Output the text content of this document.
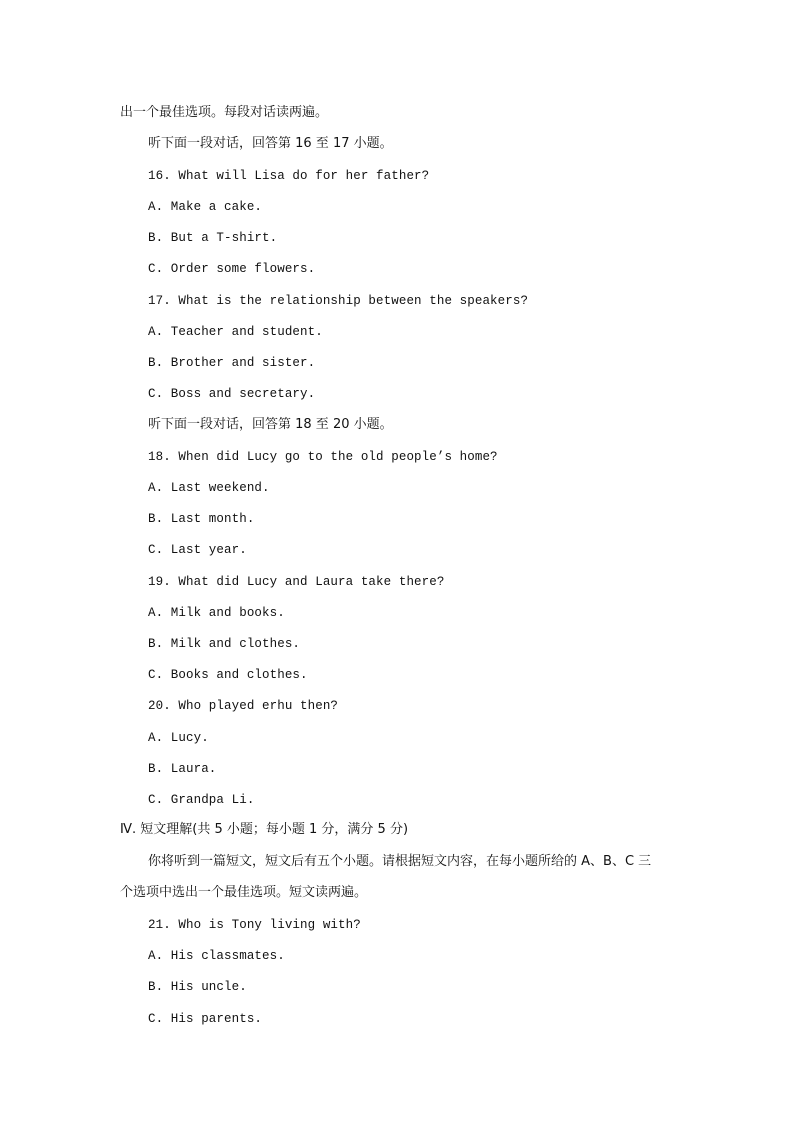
出一个最佳选项。每段对话读两遍。
听下面一段对话，回答第 16 至 17 小题。
16. What will Lisa do for her father?
A. Make a cake.
B. But a T-shirt.
C. Order some flowers.
17. What is the relationship between the speakers?
A. Teacher and student.
B. Brother and sister.
C. Boss and secretary.
听下面一段对话，回答第 18 至 20 小题。
18. When did Lucy go to the old people’s home?
A. Last weekend.
B. Last month.
C. Last year.
19. What did Lucy and Laura take there?
A. Milk and books.
B. Milk and clothes.
C. Books and clothes.
20. Who played erhu then?
A. Lucy.
B. Laura.
C. Grandpa Li.
Ⅳ. 短文理解(共 5 小题；每小题 1 分，满分 5 分)
你将听到一篇短文，短文后有五个小题。请根据短文内容，在每小题所给的 A、B、C 三
个选项中选出一个最佳选项。短文读两遍。
21. Who is Tony living with?
A. His classmates.
B. His uncle.
C. His parents.
